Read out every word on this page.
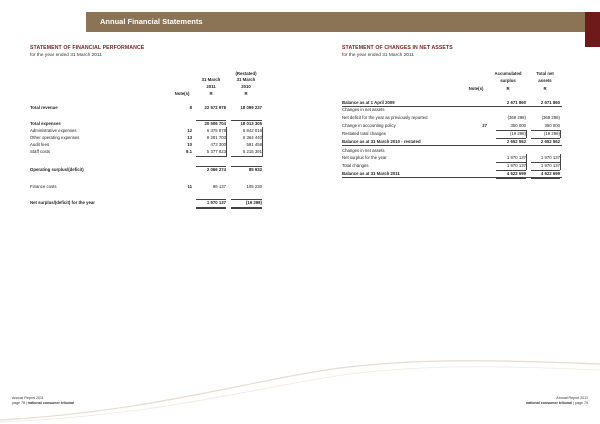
Annual Financial Statements
STATEMENT OF FINANCIAL PERFORMANCE
for the year ended 31 March 2011
(Restated)
31 March
2011
R
31 March
2010
R
Note(s)
Total revenue	8	22 572 978	18 099 237
Total expenses	20 506 704	18 013 305
Administrative expenses	12	6 375 878	5 842 016
Other operating expenses	13	8 281 703	6 364 440
Audit fees	10	473 300	591 458
Staff costs	9.1	5 377 823	5 215 391
Operating surplus/(deficit)	2 066 274	85 932
Finance costs	11	96 137	105 230
Net surplus/(deficit) for the year	1 970 137	(19 298)
STATEMENT OF CHANGES IN NET ASSETS
for the year ended 31 March 2011
Accumulated
surplus
R
Total net
assets
R
Note(s)
Balance as at 1 April 2009	2 671 860	2 671 860
Changes in net assets
Net deficit for the year as previously reported	(369 298)	(369 298)
Change in accounting policy	27	350 000	350 000
Restated total changes	(19 298)	(19 298)
Balance as at 31 March 2010 - restated	2 652 562	2 652 562
Changes in net assets
Net surplus for the year	1 970 137	1 970 137
Total changes	1 970 137	1 970 137
Balance as at 31 March 2011	4 622 699	4 622 699
Annual Report 2011
page 78 | national consumer tribunal
Annual Report 2011
national consumer tribunal | page 79
